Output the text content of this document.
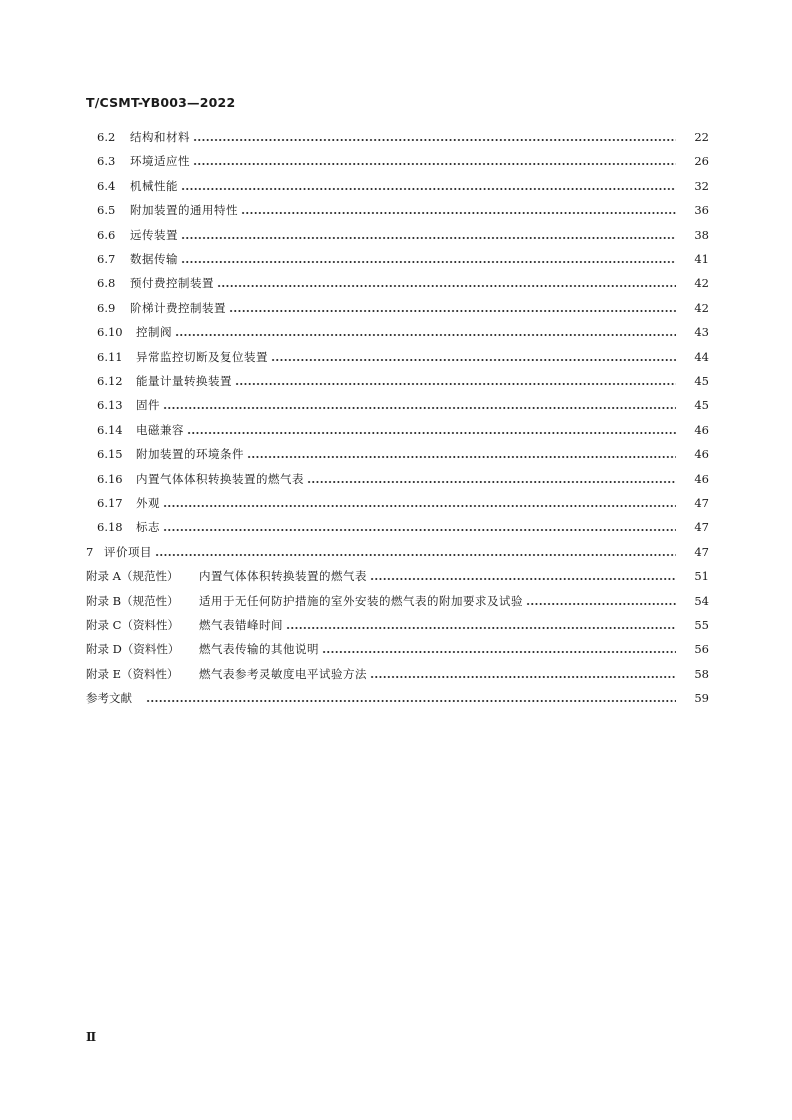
T/CSMT-YB003—2022
6.2 结构和材料	22
6.3 环境适应性	26
6.4 机械性能	32
6.5 附加装置的通用特性	36
6.6 远传装置	38
6.7 数据传输	41
6.8 预付费控制装置	42
6.9 阶梯计费控制装置	42
6.10 控制阀	43
6.11 异常监控切断及复位装置	44
6.12 能量计量转换装置	45
6.13 固件	45
6.14 电磁兼容	46
6.15 附加装置的环境条件	46
6.16 内置气体体积转换装置的燃气表	46
6.17 外观	47
6.18 标志	47
7 评价项目	47
附录 A（规范性） 内置气体体积转换装置的燃气表	51
附录 B（规范性） 适用于无任何防护措施的室外安装的燃气表的附加要求及试验	54
附录 C（资料性） 燃气表错峰时间	55
附录 D（资料性） 燃气表传输的其他说明	56
附录 E（资料性） 燃气表参考灵敏度电平试验方法	58
参考文献	59
Ⅱ
